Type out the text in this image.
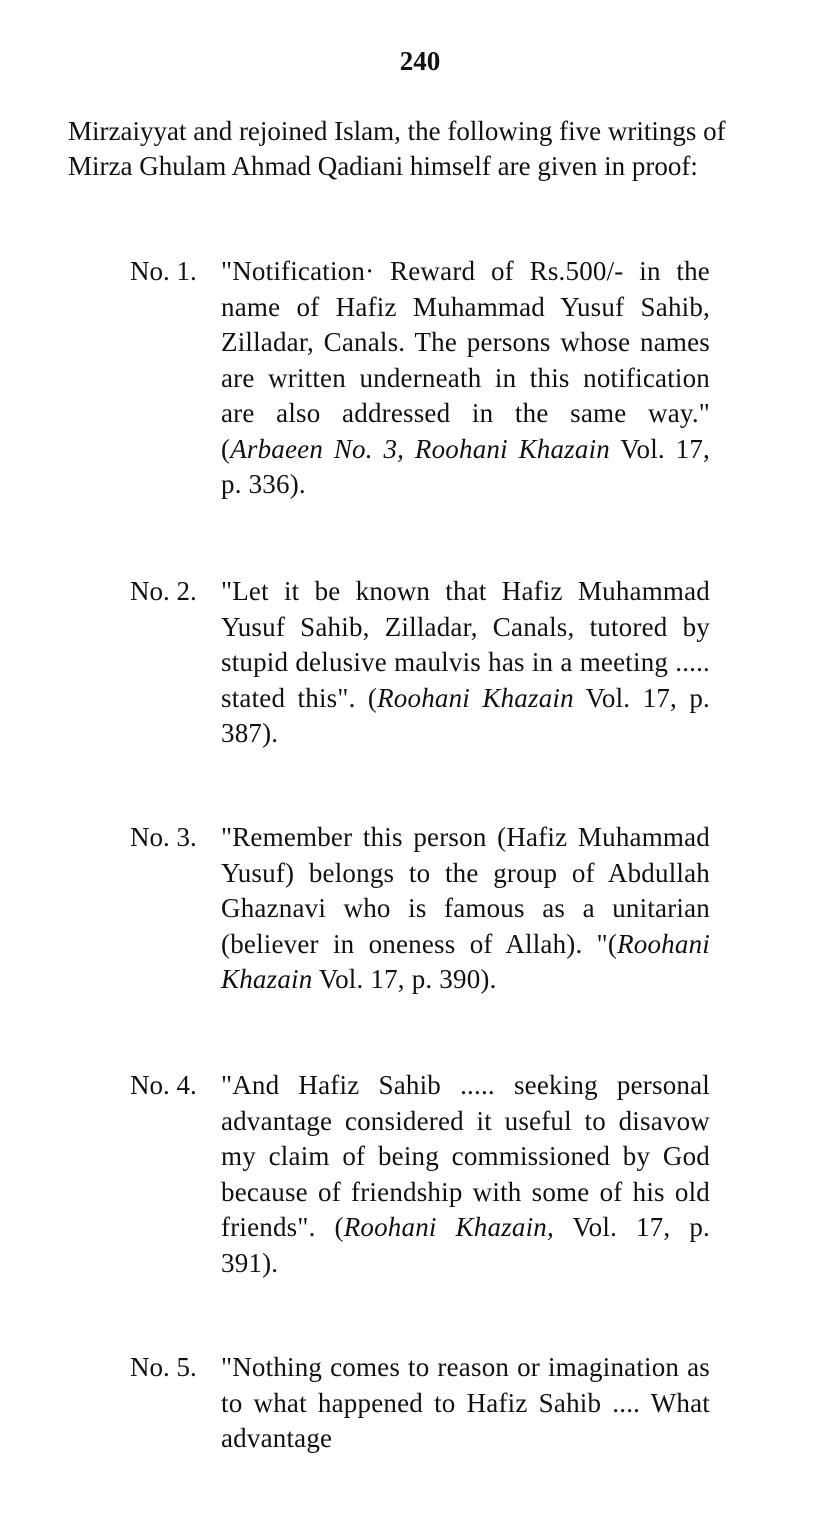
240

Mirzaiyyat and rejoined Islam, the following five writings of Mirza Ghulam Ahmad Qadiani himself are given in proof:

No. 1. "Notification· Reward of Rs.500/- in the name of Hafiz Muhammad Yusuf Sahib, Zilladar, Canals. The persons whose names are written underneath in this notification are also addressed in the same way." (Arbaeen No. 3, Roohani Khazain Vol. 17, p. 336).

No. 2. "Let it be known that Hafiz Muhammad Yusuf Sahib, Zilladar, Canals, tutored by stupid delusive maulvis has in a meeting ..... stated this". (Roohani Khazain Vol. 17, p. 387).

No. 3. "Remember this person (Hafiz Muhammad Yusuf) belongs to the group of Abdullah Ghaznavi who is famous as a unitarian (believer in oneness of Allah). "(Roohani Khazain Vol. 17, p. 390).

No. 4. "And Hafiz Sahib ..... seeking personal advantage considered it useful to disavow my claim of being commissioned by God because of friendship with some of his old friends". (Roohani Khazain, Vol. 17, p. 391).

No. 5. "Nothing comes to reason or imagination as to what happened to Hafiz Sahib .... What advantage
